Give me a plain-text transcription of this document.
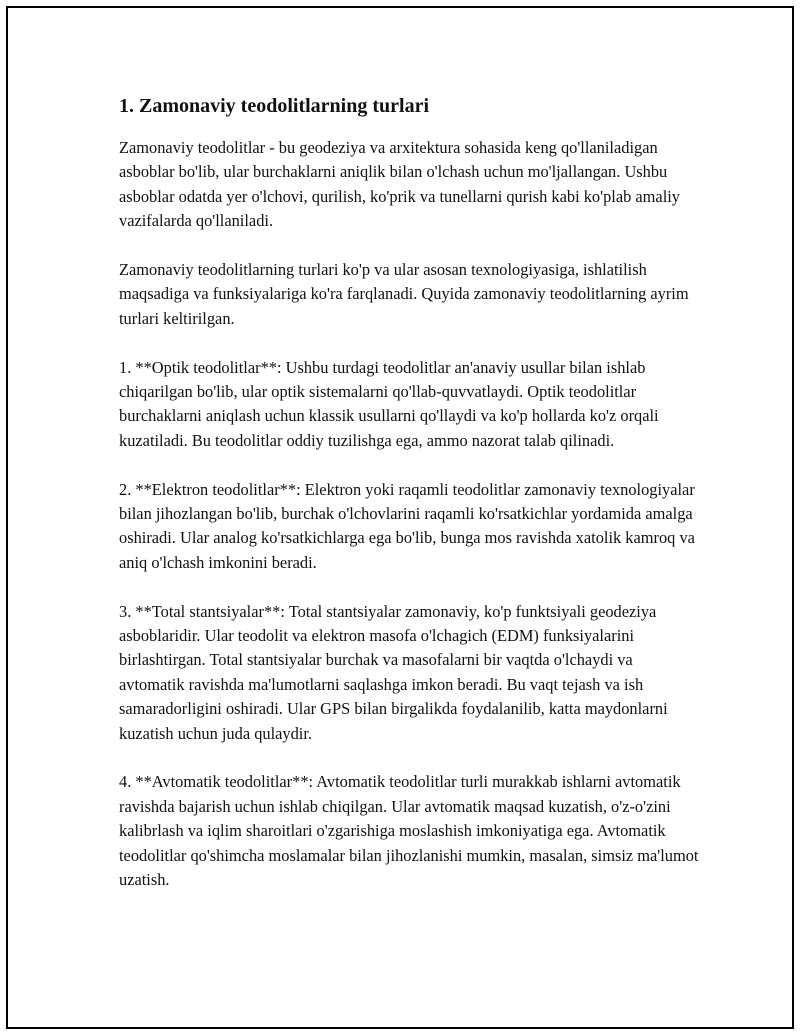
1. Zamonaviy teodolitlarning turlari

Zamonaviy teodolitlar - bu geodeziya va arxitektura sohasida keng qo'llaniladigan asboblar bo'lib, ular burchaklarni aniqlik bilan o'lchash uchun mo'ljallangan. Ushbu asboblar odatda yer o'lchovi, qurilish, ko'prik va tunellarni qurish kabi ko'plab amaliy vazifalarda qo'llaniladi.

Zamonaviy teodolitlarning turlari ko'p va ular asosan texnologiyasiga, ishlatilish maqsadiga va funksiyalariga ko'ra farqlanadi. Quyida zamonaviy teodolitlarning ayrim turlari keltirilgan.

1. **Optik teodolitlar**: Ushbu turdagi teodolitlar an'anaviy usullar bilan ishlab chiqarilgan bo'lib, ular optik sistemalarni qo'llab-quvvatlaydi. Optik teodolitlar burchaklarni aniqlash uchun klassik usullarni qo'llaydi va ko'p hollarda ko'z orqali kuzatiladi. Bu teodolitlar oddiy tuzilishga ega, ammo nazorat talab qilinadi.

2. **Elektron teodolitlar**: Elektron yoki raqamli teodolitlar zamonaviy texnologiyalar bilan jihozlangan bo'lib, burchak o'lchovlarini raqamli ko'rsatkichlar yordamida amalga oshiradi. Ular analog ko'rsatkichlarga ega bo'lib, bunga mos ravishda xatolik kamroq va aniq o'lchash imkonini beradi.

3. **Total stantsiyalar**: Total stantsiyalar zamonaviy, ko'p funktsiyali geodeziya asboblaridir. Ular teodolit va elektron masofa o'lchagich (EDM) funksiyalarini birlashtirgan. Total stantsiyalar burchak va masofalarni bir vaqtda o'lchaydi va avtomatik ravishda ma'lumotlarni saqlashga imkon beradi. Bu vaqt tejash va ish samaradorligini oshiradi. Ular GPS bilan birgalikda foydalanilib, katta maydonlarni kuzatish uchun juda qulaydir.

4. **Avtomatik teodolitlar**: Avtomatik teodolitlar turli murakkab ishlarni avtomatik ravishda bajarish uchun ishlab chiqilgan. Ular avtomatik maqsad kuzatish, o'z-o'zini kalibrlash va iqlim sharoitlari o'zgarishiga moslashish imkoniyatiga ega. Avtomatik teodolitlar qo'shimcha moslamalar bilan jihozlanishi mumkin, masalan, simsiz ma'lumot uzatish.
